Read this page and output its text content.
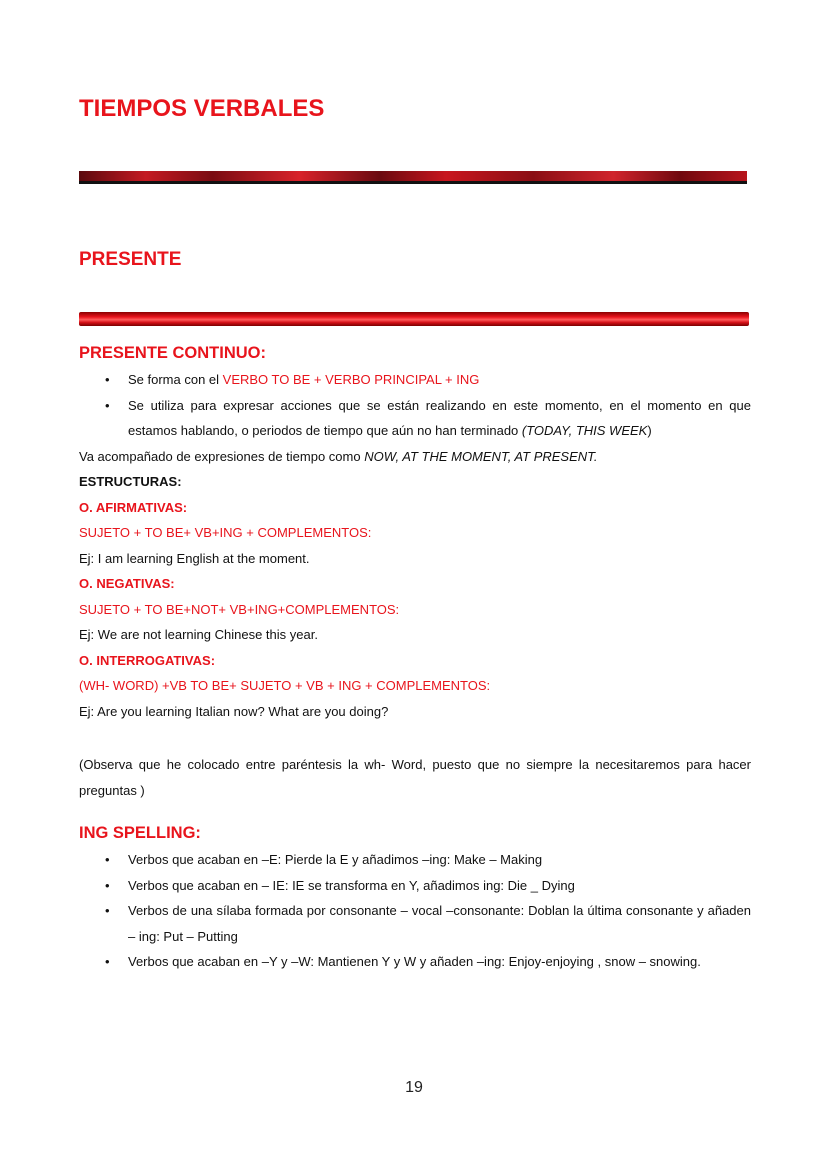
TIEMPOS VERBALES
PRESENTE
PRESENTE CONTINUO:
• Se forma con el VERBO TO BE + VERBO PRINCIPAL + ING
• Se utiliza para expresar acciones que se están realizando en este momento, en el momento en que estamos hablando, o periodos de tiempo que aún no han terminado (TODAY, THIS WEEK)

Va acompañado de expresiones de tiempo como NOW, AT THE MOMENT, AT PRESENT.

ESTRUCTURAS:

O. AFIRMATIVAS:

SUJETO + TO BE+ VB+ING + COMPLEMENTOS:

Ej: I am learning English at the moment.

O. NEGATIVAS:

SUJETO + TO BE+NOT+ VB+ING+COMPLEMENTOS:

Ej: We are not learning Chinese this year.

O. INTERROGATIVAS:

(WH- WORD) +VB TO BE+ SUJETO + VB + ING + COMPLEMENTOS:

Ej: Are you learning Italian now? What are you doing?

(Observa que he colocado entre paréntesis la wh- Word, puesto que no siempre la necesitaremos para hacer preguntas )

ING SPELLING:
• Verbos que acaban en –E: Pierde la E y añadimos –ing: Make – Making
• Verbos que acaban en – IE: IE se transforma en Y, añadimos ing: Die _ Dying
• Verbos de una sílaba formada por consonante – vocal –consonante: Doblan la última consonante y añaden – ing: Put – Putting
• Verbos que acaban en –Y y –W: Mantienen Y y W y añaden –ing: Enjoy-enjoying , snow – snowing.

19
